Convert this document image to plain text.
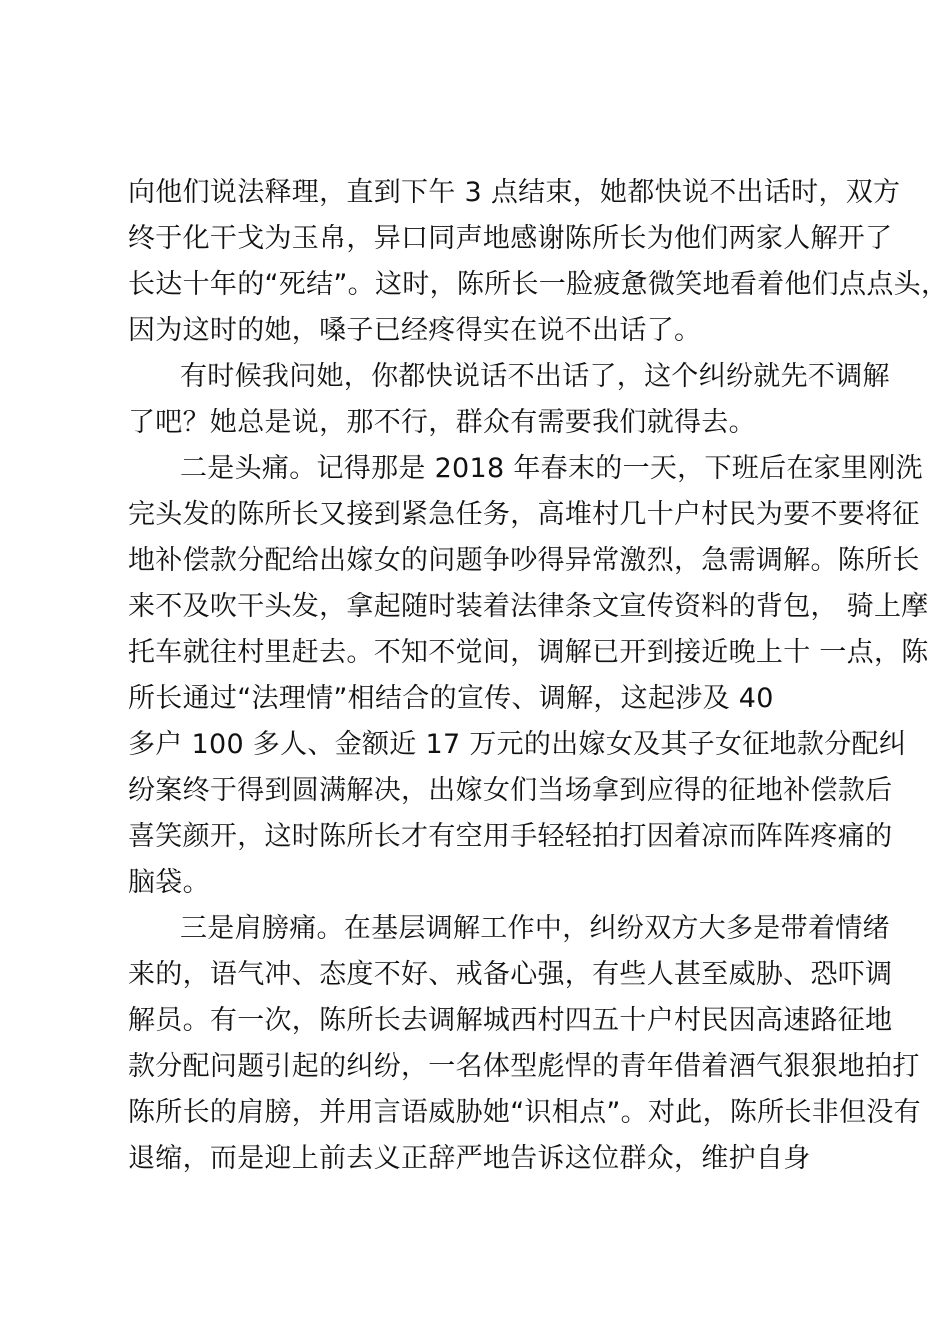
向他们说法释理，直到下午 3 点结束，她都快说不出话时，双方
终于化干戈为玉帛，异口同声地感谢陈所长为他们两家人解开了
长达十年的“死结”。这时，陈所长一脸疲惫微笑地看着他们点点头，
因为这时的她，嗓子已经疼得实在说不出话了。
有时候我问她，你都快说话不出话了，这个纠纷就先不调解
了吧？她总是说，那不行，群众有需要我们就得去。
二是头痛。记得那是 2018 年春末的一天，下班后在家里刚洗
完头发的陈所长又接到紧急任务，高堆村几十户村民为要不要将征
地补偿款分配给出嫁女的问题争吵得异常激烈，急需调解。陈所长
来不及吹干头发，拿起随时装着法律条文宣传资料的背包， 骑上摩
托车就往村里赶去。不知不觉间，调解已开到接近晚上十 一点，陈
所长通过“法理情”相结合的宣传、调解，这起涉及 40
多户 100 多人、金额近 17 万元的出嫁女及其子女征地款分配纠
纷案终于得到圆满解决，出嫁女们当场拿到应得的征地补偿款后
喜笑颜开，这时陈所长才有空用手轻轻拍打因着凉而阵阵疼痛的
脑袋。
三是肩膀痛。在基层调解工作中，纠纷双方大多是带着情绪
来的，语气冲、态度不好、戒备心强，有些人甚至威胁、恐吓调
解员。有一次，陈所长去调解城西村四五十户村民因高速路征地
款分配问题引起的纠纷，一名体型彪悍的青年借着酒气狠狠地拍打
陈所长的肩膀，并用言语威胁她“识相点”。对此，陈所长非但没有
退缩，而是迎上前去义正辞严地告诉这位群众，维护自身
